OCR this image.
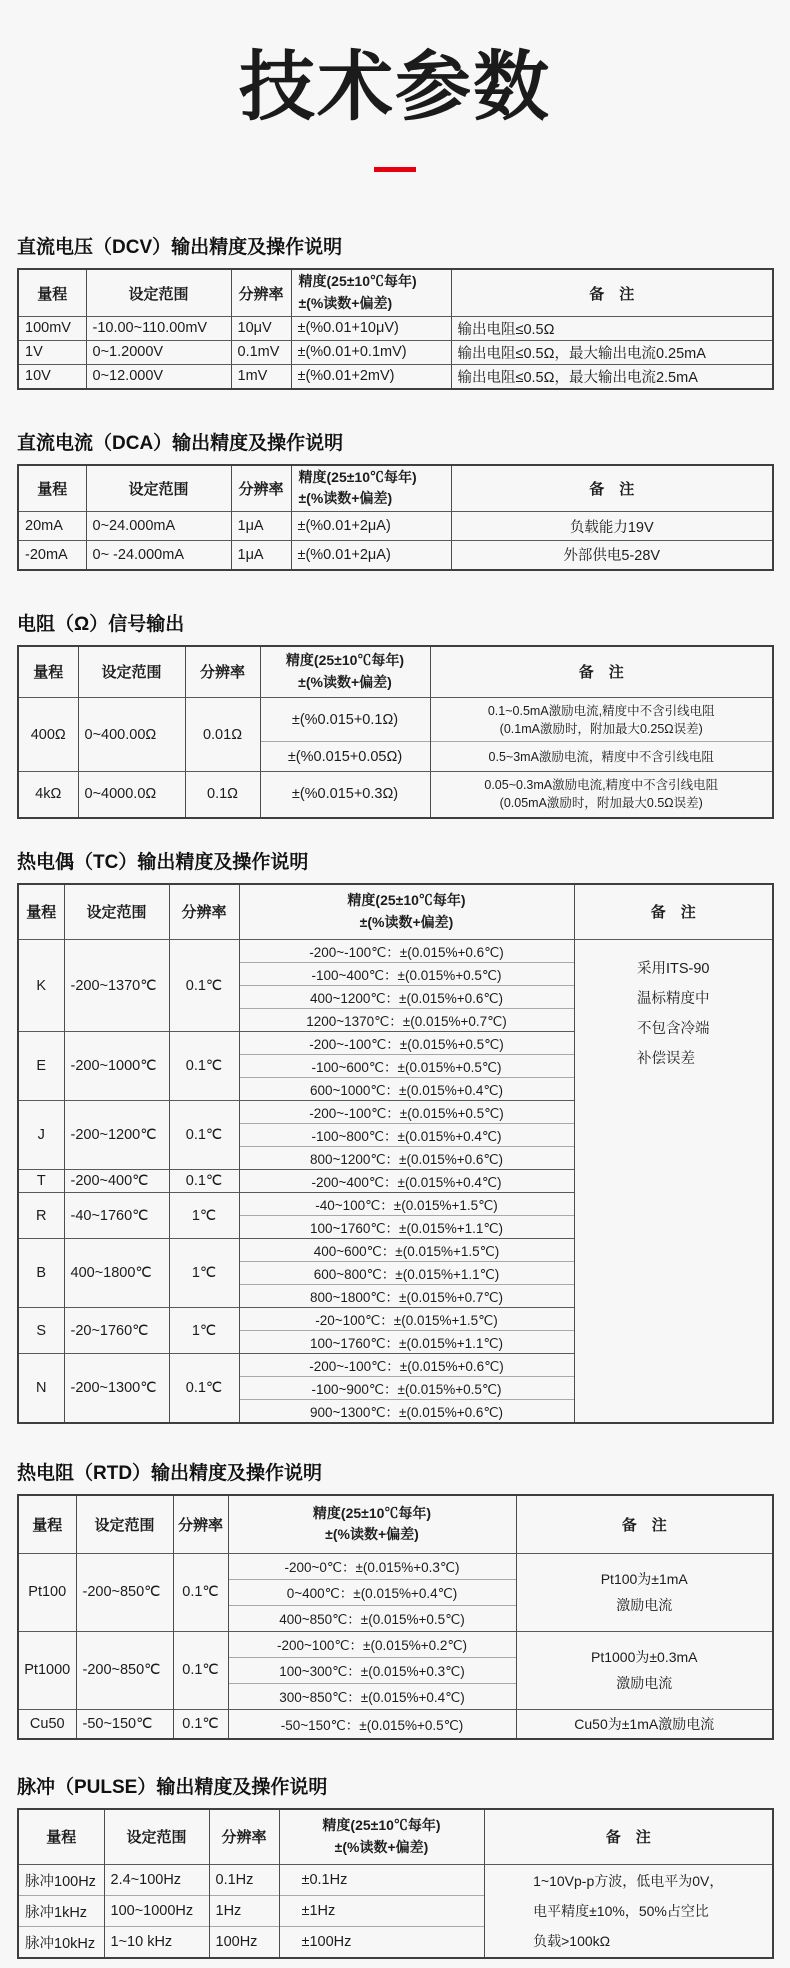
技术参数
直流电压（DCV）输出精度及操作说明
量程	设定范围	分辨率	精度(25±10℃每年)
±(%读数+偏差)	备　注
100mV	-10.00~110.00mV	10μV	±(%0.01+10μV)	输出电阻≤0.5Ω
1V	0~1.2000V	0.1mV	±(%0.01+0.1mV)	输出电阻≤0.5Ω，最大输出电流0.25mA
10V	0~12.000V	1mV	±(%0.01+2mV)	输出电阻≤0.5Ω，最大输出电流2.5mA
直流电流（DCA）输出精度及操作说明
量程	设定范围	分辨率	精度(25±10℃每年)
±(%读数+偏差)	备　注
20mA	0~24.000mA	1μA	±(%0.01+2μA)	负载能力19V
-20mA	0~ -24.000mA	1μA	±(%0.01+2μA)	外部供电5-28V
电阻（Ω）信号输出
量程	设定范围	分辨率	精度(25±10℃每年)
±(%读数+偏差)	备　注
400Ω	0~400.00Ω	0.01Ω	±(%0.015+0.1Ω)	0.1~0.5mA激励电流,精度中不含引线电阻
(0.1mA激励时，附加最大0.25Ω误差)

			±(%0.015+0.05Ω)	0.5~3mA激励电流，精度中不含引线电阻

4kΩ	0~4000.0Ω	0.1Ω	±(%0.015+0.3Ω)	0.05~0.3mA激励电流,精度中不含引线电阻
(0.05mA激励时，附加最大0.5Ω误差)
热电偶（TC）输出精度及操作说明
量程	设定范围	分辨率	精度(25±10℃每年)
±(%读数+偏差)	备　注
K	-200~1370℃	0.1℃	-200~-100℃：±(0.015%+0.6℃)	采用ITS-90
温标精度中
不包含冷端
补偿误差

			-100~400℃：±(0.015%+0.5℃)	
			400~1200℃：±(0.015%+0.6℃)	
			1200~1370℃：±(0.015%+0.7℃)	
E	-200~1000℃	0.1℃	-200~-100℃：±(0.015%+0.5℃)	
			-100~600℃：±(0.015%+0.5℃)	
			600~1000℃：±(0.015%+0.4℃)	
J	-200~1200℃	0.1℃	-200~-100℃：±(0.015%+0.5℃)	
			-100~800℃：±(0.015%+0.4℃)	
			800~1200℃：±(0.015%+0.6℃)	
T	-200~400℃	0.1℃	-200~400℃：±(0.015%+0.4℃)	
R	-40~1760℃	1℃	-40~100℃：±(0.015%+1.5℃)	
			100~1760℃：±(0.015%+1.1℃)	
B	400~1800℃	1℃	400~600℃：±(0.015%+1.5℃)	
			600~800℃：±(0.015%+1.1℃)	
			800~1800℃：±(0.015%+0.7℃)	
S	-20~1760℃	1℃	-20~100℃：±(0.015%+1.5℃)	
			100~1760℃：±(0.015%+1.1℃)	
N	-200~1300℃	0.1℃	-200~-100℃：±(0.015%+0.6℃)	
			-100~900℃：±(0.015%+0.5℃)	
			900~1300℃：±(0.015%+0.6℃)	
热电阻（RTD）输出精度及操作说明
量程	设定范围	分辨率	精度(25±10℃每年)
±(%读数+偏差)	备　注
Pt100	-200~850℃	0.1℃	-200~0℃：±(0.015%+0.3℃)	Pt100为±1mA
激励电流

			0~400℃：±(0.015%+0.4℃)	
			400~850℃：±(0.015%+0.5℃)	
Pt1000	-200~850℃	0.1℃	-200~100℃：±(0.015%+0.2℃)	Pt1000为±0.3mA
激励电流

			100~300℃：±(0.015%+0.3℃)	
			300~850℃：±(0.015%+0.4℃)	
Cu50	-50~150℃	0.1℃	-50~150℃：±(0.015%+0.5℃)	Cu50为±1mA激励电流
脉冲（PULSE）输出精度及操作说明
量程	设定范围	分辨率	精度(25±10℃每年)
±(%读数+偏差)	备　注
脉冲100Hz	2.4~100Hz	0.1Hz	±0.1Hz	1~10Vp-p方波，低电平为0V，
电平精度±10%，50%占空比
负载>100kΩ

脉冲1kHz	100~1000Hz	1Hz	±1Hz	
脉冲10kHz	1~10 kHz	100Hz	±100Hz	
